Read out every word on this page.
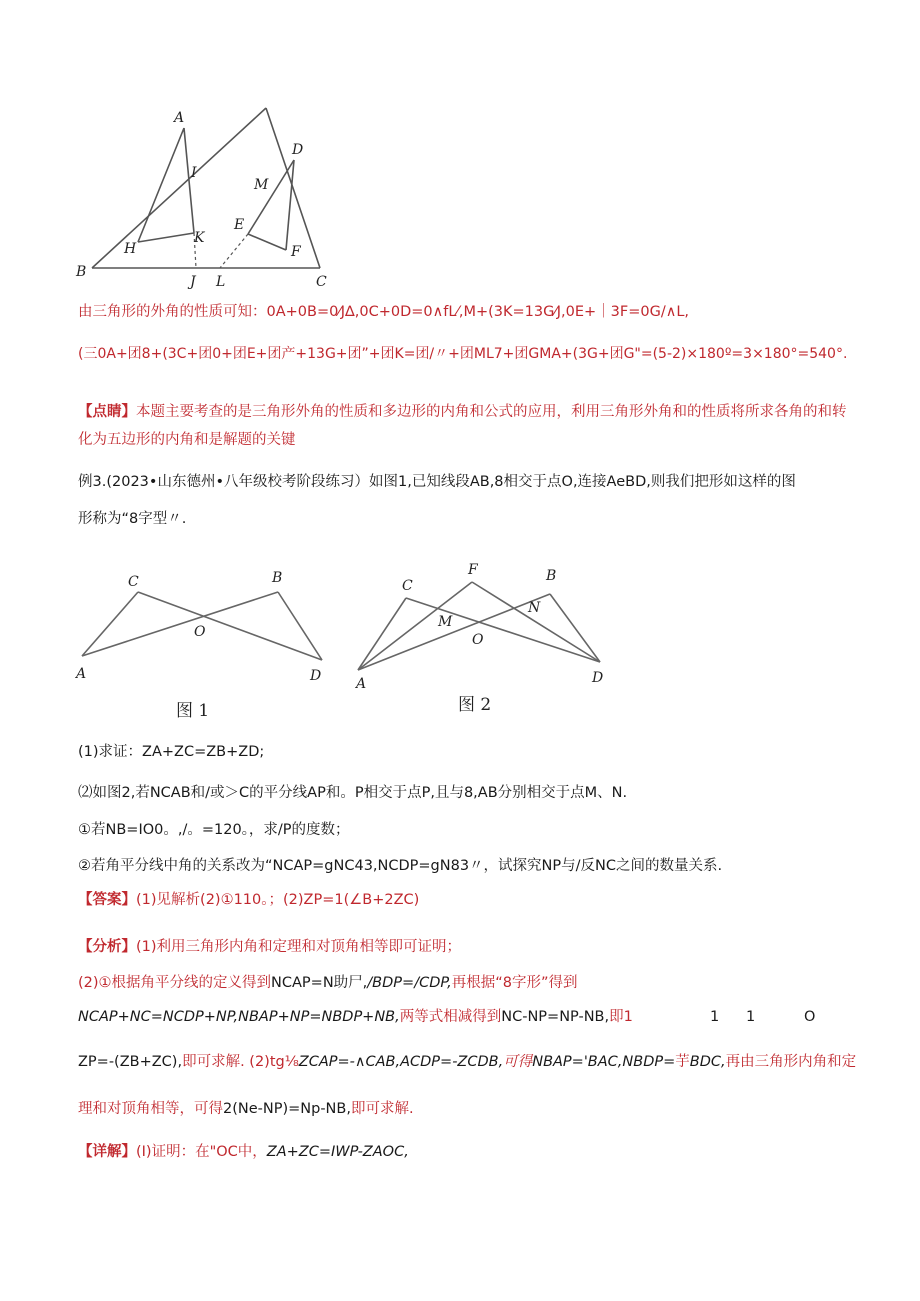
A
I
D
M
H
K
E
F
B
J L	C
由三角形的外角的性质可知：0A+0B=0⁄J∆,0C+0D=0∧fL⁄,M+(3K=13G⁄J,0E+｜3F=0G∕∧L,
(三0A+团8+(3C+团0+团E+团产+13G+团”+团K=团/〃+团ML7+团GMA+(3G+团G"=(5-2)×180º=3×180°=540°.
【点睛】本题主要考查的是三角形外角的性质和多边形的内角和公式的应用，利用三角形外角和的性质将所求各角的和转化为五边形的内角和是解题的关键
例3.(2023•山东德州•八年级校考阶段练习）如图1,已知线段AB,8相交于点O,连接AeBD,则我们把形如这样的图
形称为“8字型〃.
C	B
O
A	D
图 1
C
F	B
N
M
O
A	D
图 2
(1)求证：ZA+ZC=ZB+ZD;
⑵如图2,若NCAB和/或＞C的平分线AP和。P相交于点P,且与8,AB分别相交于点M、N.
①若NB=IO0。,/。=120。，求/P的度数；
②若角平分线中角的关系改为“NCAP=gNC43,NCDP=gN83〃，试探究NP与/反NC之间的数量关系.
【答案】(1)见解析(2)①110。；(2)ZP=1(∠B+2ZC)
【分析】(1)利用三角形内角和定理和对顶角相等即可证明；
(2)①根据角平分线的定义得到NCAP=N助尸,/BDP=/CDP,再根据“8字形”得到
NCAP+NC=NCDP+NP,NBAP+NP=NBDP+NB,两等式相减得到NC-NP=NP-NB,即1	1 1	O
ZP=-(ZB+ZC),即可求解. (2)tg⅛ZCAP=-∧CAB,ACDP=-ZCDB,可得NBAP='BAC,NBDP=芋BDC,再由三角形内角和定
理和对顶角相等，可得2(Ne-NP)=Np-NB,即可求解.
【详解】(I)证明：在"OC中，ZA+ZC=IWP-ZAOC,
